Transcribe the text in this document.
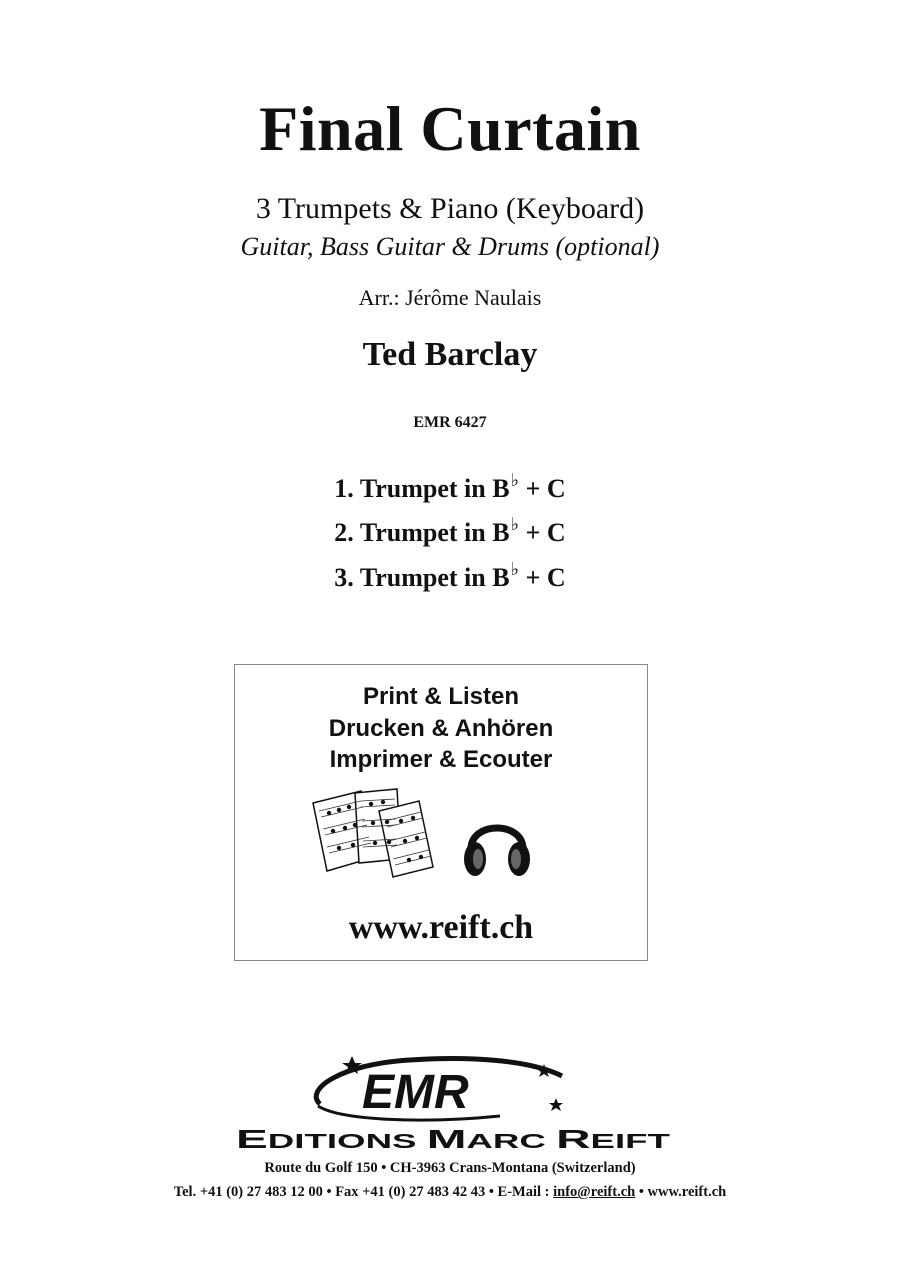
Final Curtain
3 Trumpets & Piano (Keyboard)
Guitar, Bass Guitar & Drums (optional)
Arr.: Jérôme Naulais
Ted Barclay
EMR 6427
1. Trumpet in B♭ + C
2. Trumpet in B♭ + C
3. Trumpet in B♭ + C
Print & Listen
Drucken & Anhören
Imprimer & Ecouter
www.reift.ch
EMR
E DITIONS	M ARC R EIFT
Route du Golf 150 • CH-3963 Crans-Montana (Switzerland)
Tel. +41 (0) 27 483 12 00 • Fax +41 (0) 27 483 42 43 • E-Mail : info@reift.ch • www.reift.ch
